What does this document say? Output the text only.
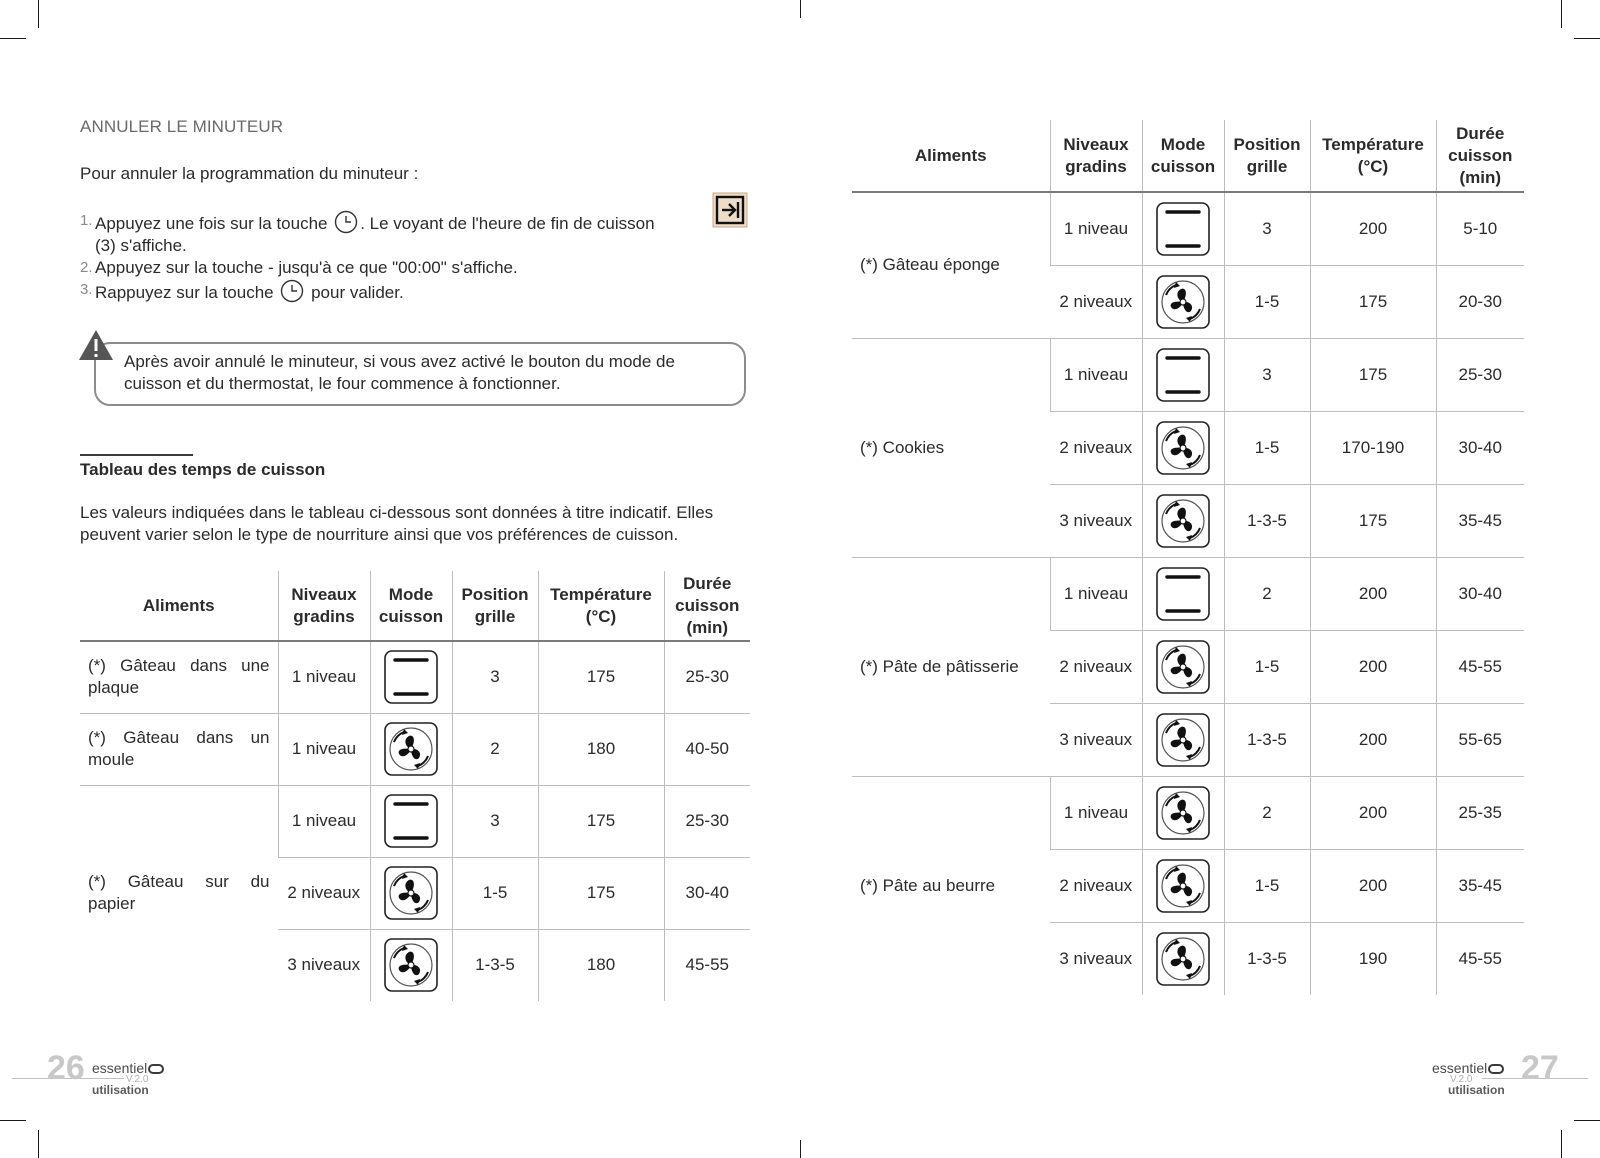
ANNULER LE MINUTEUR
Pour annuler la programmation du minuteur :
1. Appuyez une fois sur la touche . Le voyant de l'heure de fin de cuisson
(3) s'affiche.
2. Appuyez sur la touche - jusqu'à ce que "00:00" s'affiche.
3. Rappuyez sur la touche pour valider.
Après avoir annulé le minuteur, si vous avez activé le bouton du mode de cuisson et du thermostat, le four commence à fonctionner.
Tableau des temps de cuisson
Les valeurs indiquées dans le tableau ci-dessous sont données à titre indicatif. Elles peuvent varier selon le type de nourriture ainsi que vos préférences de cuisson.
Aliments	Niveaux gradins	Mode cuisson	Position grille	Température (°C)	Durée cuisson (min)
(*) Gâteau dans une plaque	1 niveau		3	175	25-30
(*) Gâteau dans un moule	1 niveau		2	180	40-50
(*) Gâteau sur du papier	1 niveau		3	175	25-30
	2 niveaux		1-5	175	30-40
	3 niveaux		1-3-5	180	45-55
Aliments	Niveaux gradins	Mode cuisson	Position grille	Température (°C)	Durée cuisson (min)
(*) Gâteau éponge	1 niveau		3	200	5-10
	2 niveaux		1-5	175	20-30
(*) Cookies	1 niveau		3	175	25-30
	2 niveaux		1-5	170-190	30-40
	3 niveaux		1-3-5	175	35-45
(*) Pâte de pâtisserie	1 niveau		2	200	30-40
	2 niveaux		1-5	200	45-55
	3 niveaux		1-3-5	200	55-65
(*) Pâte au beurre	1 niveau		2	200	25-35
	2 niveaux		1-5	200	35-45
	3 niveaux		1-3-5	190	45-55
26 essentiel
V.2.0
utilisation
essentiel
V.2.0
utilisation
27
